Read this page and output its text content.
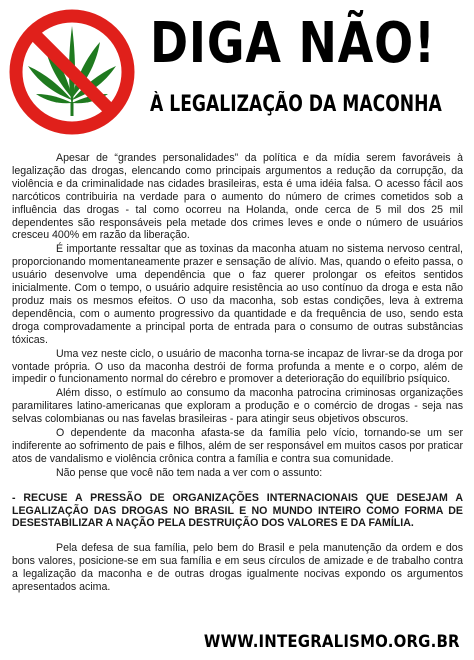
DIGA NÃO!
À LEGALIZAÇÃO DA MACONHA

Apesar de “grandes personalidades” da política e da mídia serem favoráveis à legalização das drogas, elencando como principais argumentos a redução da corrupção, da violência e da criminalidade nas cidades brasileiras, esta é uma idéia falsa. O acesso fácil aos narcóticos contribuiria na verdade para o aumento do número de crimes cometidos sob a influência das drogas - tal como ocorreu na Holanda, onde cerca de 5 mil dos 25 mil dependentes são responsáveis pela metade dos crimes leves e onde o número de usuários cresceu 400% em razão da liberação.

É importante ressaltar que as toxinas da maconha atuam no sistema nervoso central, proporcionando momentaneamente prazer e sensação de alívio. Mas, quando o efeito passa, o usuário desenvolve uma dependência que o faz querer prolongar os efeitos sentidos inicialmente. Com o tempo, o usuário adquire resistência ao uso contínuo da droga e esta não produz mais os mesmos efeitos. O uso da maconha, sob estas condições, leva à extrema dependência, com o aumento progressivo da quantidade e da frequência de uso, sendo esta droga comprovadamente a principal porta de entrada para o consumo de outras substâncias tóxicas.

Uma vez neste ciclo, o usuário de maconha torna-se incapaz de livrar-se da droga por vontade própria. O uso da maconha destrói de forma profunda a mente e o corpo, além de impedir o funcionamento normal do cérebro e promover a deterioração do equilíbrio psíquico.

Além disso, o estímulo ao consumo da maconha patrocina criminosas organizações paramilitares latino-americanas que exploram a produção e o comércio de drogas - seja nas selvas colombianas ou nas favelas brasileiras - para atingir seus objetivos obscuros.

O dependente da maconha afasta-se da família pelo vício, tornando-se um ser indiferente ao sofrimento de pais e filhos, além de ser responsável em muitos casos por praticar atos de vandalismo e violência crônica contra a família e contra sua comunidade.

Não pense que você não tem nada a ver com o assunto:

- RECUSE A PRESSÃO DE ORGANIZAÇÕES INTERNACIONAIS QUE DESEJAM A LEGALIZAÇÃO DAS DROGAS NO BRASIL E NO MUNDO INTEIRO COMO FORMA DE DESESTABILIZAR A NAÇÃO PELA DESTRUIÇÃO DOS VALORES E DA FAMÍLIA.

Pela defesa de sua família, pelo bem do Brasil e pela manutenção da ordem e dos bons valores, posicione-se em sua família e em seus círculos de amizade e de trabalho contra a legalização da maconha e de outras drogas igualmente nocivas expondo os argumentos apresentados acima.

WWW.INTEGRALISMO.ORG.BR
